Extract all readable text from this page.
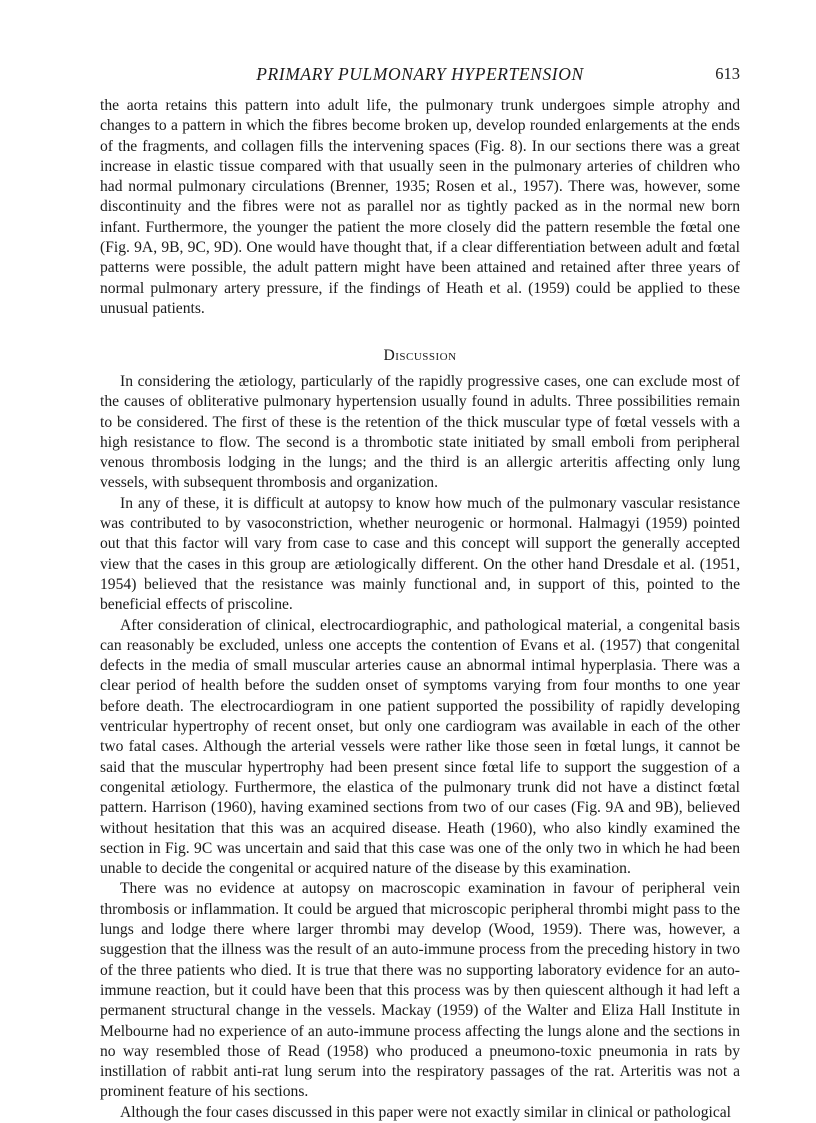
PRIMARY PULMONARY HYPERTENSION	613

the aorta retains this pattern into adult life, the pulmonary trunk undergoes simple atrophy and changes to a pattern in which the fibres become broken up, develop rounded enlargements at the ends of the fragments, and collagen fills the intervening spaces (Fig. 8). In our sections there was a great increase in elastic tissue compared with that usually seen in the pulmonary arteries of children who had normal pulmonary circulations (Brenner, 1935; Rosen et al., 1957). There was, however, some discontinuity and the fibres were not as parallel nor as tightly packed as in the normal new born infant. Furthermore, the younger the patient the more closely did the pattern resemble the fœtal one (Fig. 9A, 9B, 9C, 9D). One would have thought that, if a clear differentiation between adult and fœtal patterns were possible, the adult pattern might have been attained and retained after three years of normal pulmonary artery pressure, if the findings of Heath et al. (1959) could be applied to these unusual patients.

Discussion

In considering the ætiology, particularly of the rapidly progressive cases, one can exclude most of the causes of obliterative pulmonary hypertension usually found in adults. Three possibilities remain to be considered. The first of these is the retention of the thick muscular type of fœtal vessels with a high resistance to flow. The second is a thrombotic state initiated by small emboli from peripheral venous thrombosis lodging in the lungs; and the third is an allergic arteritis affecting only lung vessels, with subsequent thrombosis and organization.

In any of these, it is difficult at autopsy to know how much of the pulmonary vascular resistance was contributed to by vasoconstriction, whether neurogenic or hormonal. Halmagyi (1959) pointed out that this factor will vary from case to case and this concept will support the generally accepted view that the cases in this group are ætiologically different. On the other hand Dresdale et al. (1951, 1954) believed that the resistance was mainly functional and, in support of this, pointed to the beneficial effects of priscoline.

After consideration of clinical, electrocardiographic, and pathological material, a congenital basis can reasonably be excluded, unless one accepts the contention of Evans et al. (1957) that congenital defects in the media of small muscular arteries cause an abnormal intimal hyperplasia. There was a clear period of health before the sudden onset of symptoms varying from four months to one year before death. The electrocardiogram in one patient supported the possibility of rapidly developing ventricular hypertrophy of recent onset, but only one cardiogram was available in each of the other two fatal cases. Although the arterial vessels were rather like those seen in fœtal lungs, it cannot be said that the muscular hypertrophy had been present since fœtal life to support the suggestion of a congenital ætiology. Furthermore, the elastica of the pulmonary trunk did not have a distinct fœtal pattern. Harrison (1960), having examined sections from two of our cases (Fig. 9A and 9B), believed without hesitation that this was an acquired disease. Heath (1960), who also kindly examined the section in Fig. 9C was uncertain and said that this case was one of the only two in which he had been unable to decide the congenital or acquired nature of the disease by this examination.

There was no evidence at autopsy on macroscopic examination in favour of peripheral vein thrombosis or inflammation. It could be argued that microscopic peripheral thrombi might pass to the lungs and lodge there where larger thrombi may develop (Wood, 1959). There was, however, a suggestion that the illness was the result of an auto-immune process from the preceding history in two of the three patients who died. It is true that there was no supporting laboratory evidence for an auto-immune reaction, but it could have been that this process was by then quiescent although it had left a permanent structural change in the vessels. Mackay (1959) of the Walter and Eliza Hall Institute in Melbourne had no experience of an auto-immune process affecting the lungs alone and the sections in no way resembled those of Read (1958) who produced a pneumono-toxic pneumonia in rats by instillation of rabbit anti-rat lung serum into the respiratory passages of the rat. Arteritis was not a prominent feature of his sections.

Although the four cases discussed in this paper were not exactly similar in clinical or pathological
